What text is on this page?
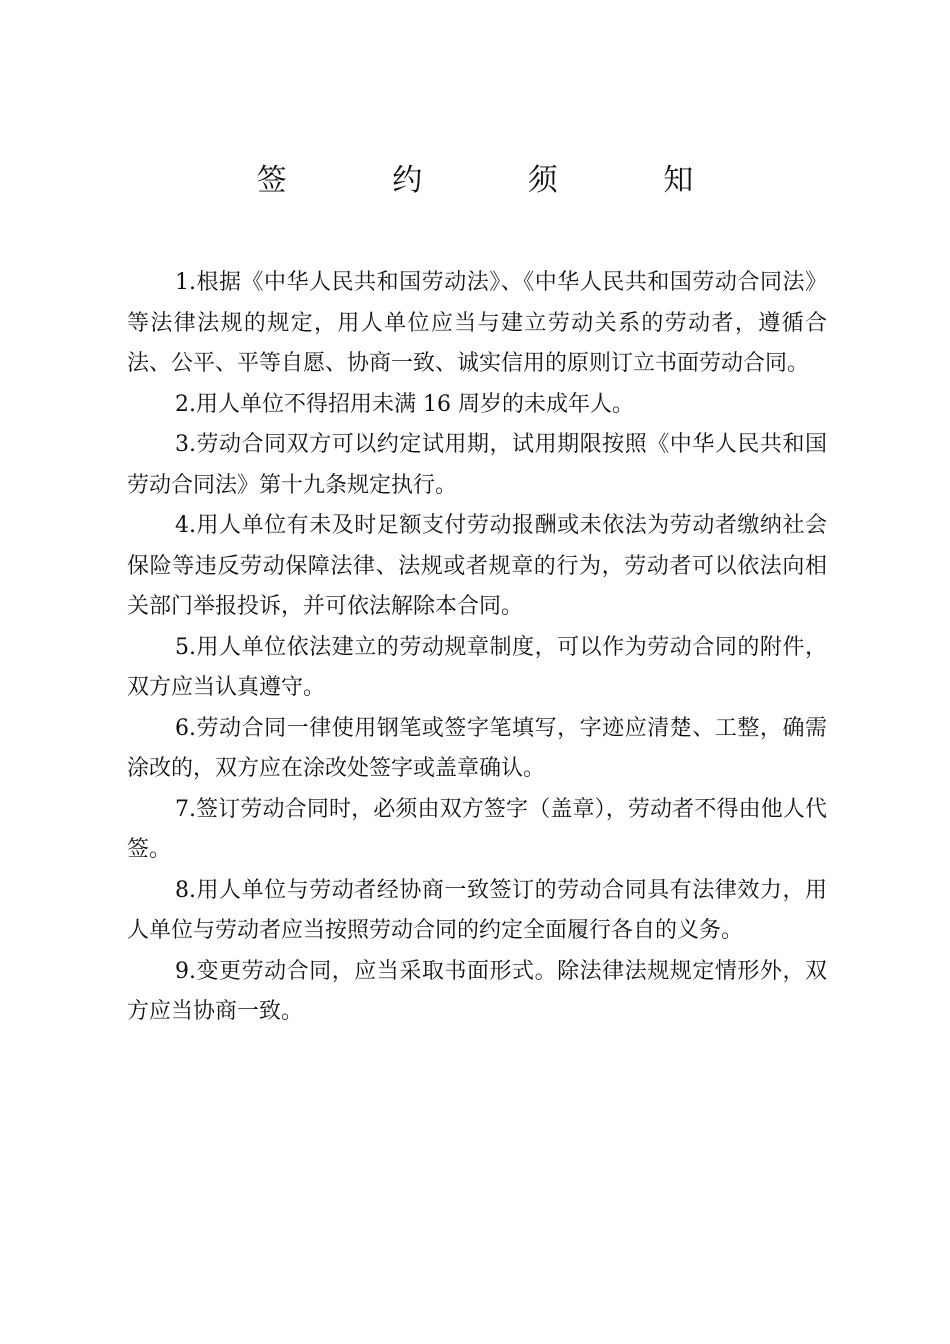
签 约 须 知

1.根据《中华人民共和国劳动法》、《中华人民共和国劳动合同法》等法律法规的规定，用人单位应当与建立劳动关系的劳动者，遵循合法、公平、平等自愿、协商一致、诚实信用的原则订立书面劳动合同。

2.用人单位不得招用未满 16 周岁的未成年人。

3.劳动合同双方可以约定试用期，试用期限按照《中华人民共和国劳动合同法》第十九条规定执行。

4.用人单位有未及时足额支付劳动报酬或未依法为劳动者缴纳社会保险等违反劳动保障法律、法规或者规章的行为，劳动者可以依法向相关部门举报投诉，并可依法解除本合同。

5.用人单位依法建立的劳动规章制度，可以作为劳动合同的附件，双方应当认真遵守。

6.劳动合同一律使用钢笔或签字笔填写，字迹应清楚、工整，确需涂改的，双方应在涂改处签字或盖章确认。

7.签订劳动合同时，必须由双方签字（盖章），劳动者不得由他人代签。

8.用人单位与劳动者经协商一致签订的劳动合同具有法律效力，用人单位与劳动者应当按照劳动合同的约定全面履行各自的义务。

9.变更劳动合同，应当采取书面形式。除法律法规规定情形外，双方应当协商一致。
